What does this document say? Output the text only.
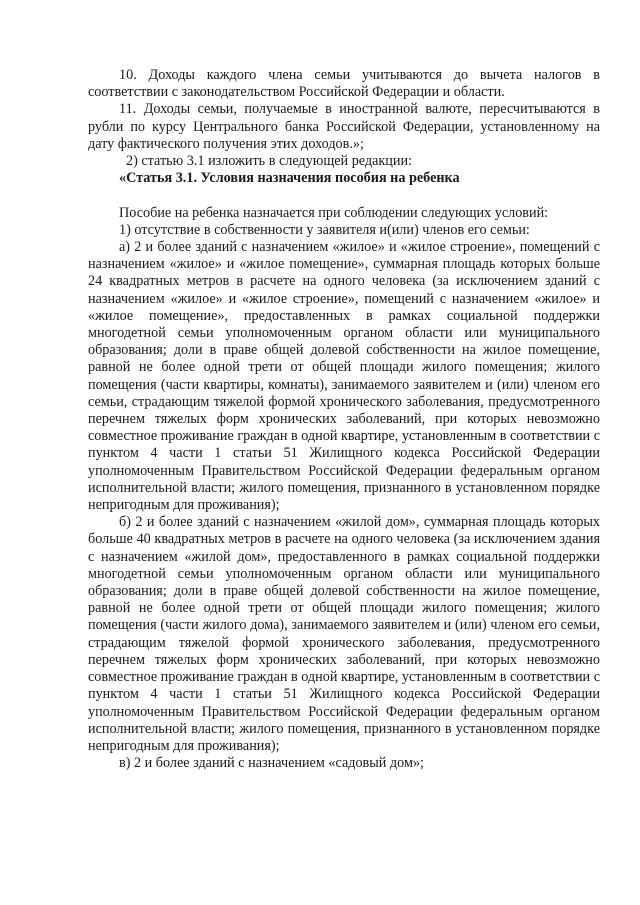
10. Доходы каждого члена семьи учитываются до вычета налогов в соответствии с законодательством Российской Федерации и области.

11. Доходы семьи, получаемые в иностранной валюте, пересчитываются в рубли по курсу Центрального банка Российской Федерации, установленному на дату фактического получения этих доходов.»;

2) статью 3.1 изложить в следующей редакции:

«Статья 3.1. Условия назначения пособия на ребенка

Пособие на ребенка назначается при соблюдении следующих условий:

1) отсутствие в собственности у заявителя и(или) членов его семьи:

а) 2 и более зданий с назначением «жилое» и «жилое строение», помещений с назначением «жилое» и «жилое помещение», суммарная площадь которых больше 24 квадратных метров в расчете на одного человека (за исключением зданий с назначением «жилое» и «жилое строение», помещений с назначением «жилое» и «жилое помещение», предоставленных в рамках социальной поддержки многодетной семьи уполномоченным органом области или муниципального образования; доли в праве общей долевой собственности на жилое помещение, равной не более одной трети от общей площади жилого помещения; жилого помещения (части квартиры, комнаты), занимаемого заявителем и (или) членом его семьи, страдающим тяжелой формой хронического заболевания, предусмотренного перечнем тяжелых форм хронических заболеваний, при которых невозможно совместное проживание граждан в одной квартире, установленным в соответствии с пунктом 4 части 1 статьи 51 Жилищного кодекса Российской Федерации уполномоченным Правительством Российской Федерации федеральным органом исполнительной власти; жилого помещения, признанного в установленном порядке непригодным для проживания);

б) 2 и более зданий с назначением «жилой дом», суммарная площадь которых больше 40 квадратных метров в расчете на одного человека (за исключением здания с назначением «жилой дом», предоставленного в рамках социальной поддержки многодетной семьи уполномоченным органом области или муниципального образования; доли в праве общей долевой собственности на жилое помещение, равной не более одной трети от общей площади жилого помещения; жилого помещения (части жилого дома), занимаемого заявителем и (или) членом его семьи, страдающим тяжелой формой хронического заболевания, предусмотренного перечнем тяжелых форм хронических заболеваний, при которых невозможно совместное проживание граждан в одной квартире, установленным в соответствии с пунктом 4 части 1 статьи 51 Жилищного кодекса Российской Федерации уполномоченным Правительством Российской Федерации федеральным органом исполнительной власти; жилого помещения, признанного в установленном порядке непригодным для проживания);

в) 2 и более зданий с назначением «садовый дом»;
